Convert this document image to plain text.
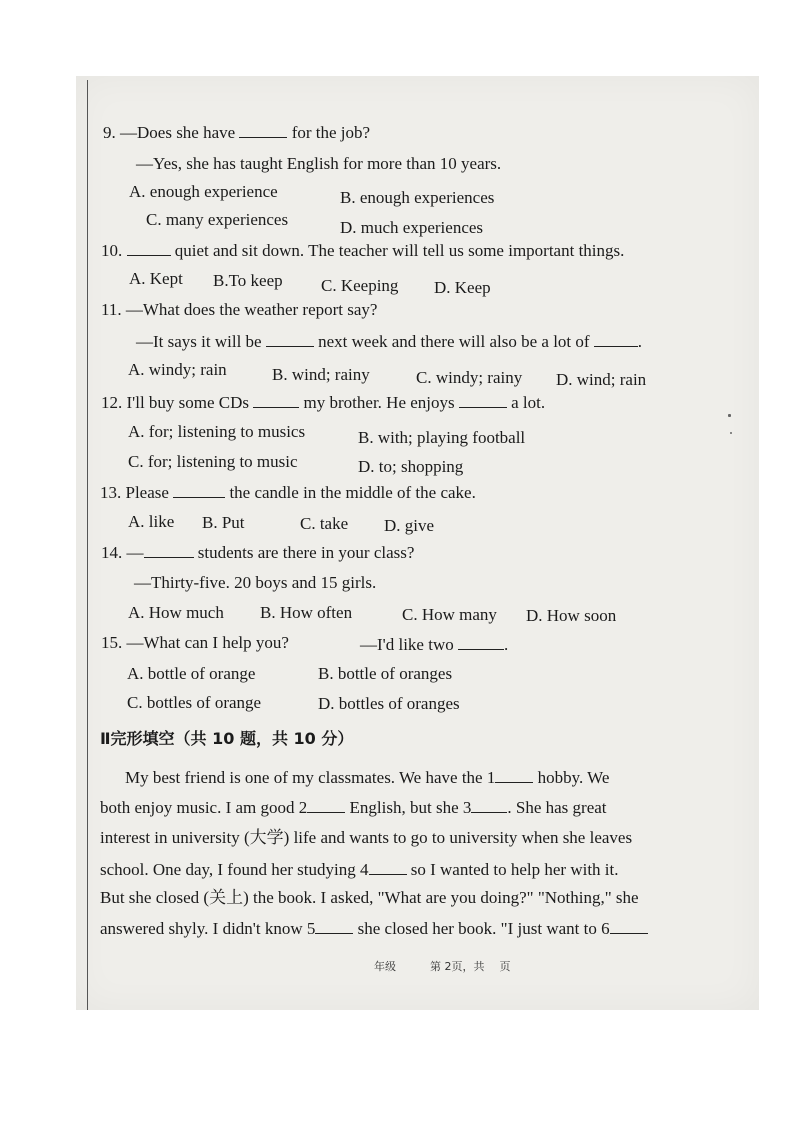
9. —Does she have	for the job?
—Yes, she has taught English for more than 10 years.
A. enough experience	B. enough experiences
C. many experiences	D. much experiences
10.	quiet and sit down. The teacher will tell us some important things.
A. Kept B.To keep C. Keeping D. Keep
11. —What does the weather report say?
—It says it will be	next week and there will also be a lot of	.
A. windy; rain	B. wind; rainy	C. windy; rainy D. wind; rain
12. I'll buy some CDs	my brother. He enjoys	a lot.
A. for; listening to musics	B. with; playing football
C. for; listening to music	D. to; shopping
13. Please	the candle in the middle of the cake.
A. like B. Put	C. take D. give
14. —	students are there in your class?
—Thirty-five. 20 boys and 15 girls.
A. How much B. How often	C. How many D. How soon
15. —What can I help you?	—I'd like two	.
A. bottle of orange	B. bottle of oranges
C. bottles of orange	D. bottles of oranges
Ⅱ完形填空（共 10 题，共 10 分）
My best friend is one of my classmates. We have the 1 hobby. We
both enjoy music. I am good 2 English, but she 3 . She has great
interest in university (大学) life and wants to go to university when she leaves
school. One day, I found her studying 4 so I wanted to help her with it.
But she closed (关上) the book. I asked, "What are you doing?" "Nothing," she
answered shyly. I didn't know 5 she closed her book. "I just want to 6
年级	第 2页，共 页
